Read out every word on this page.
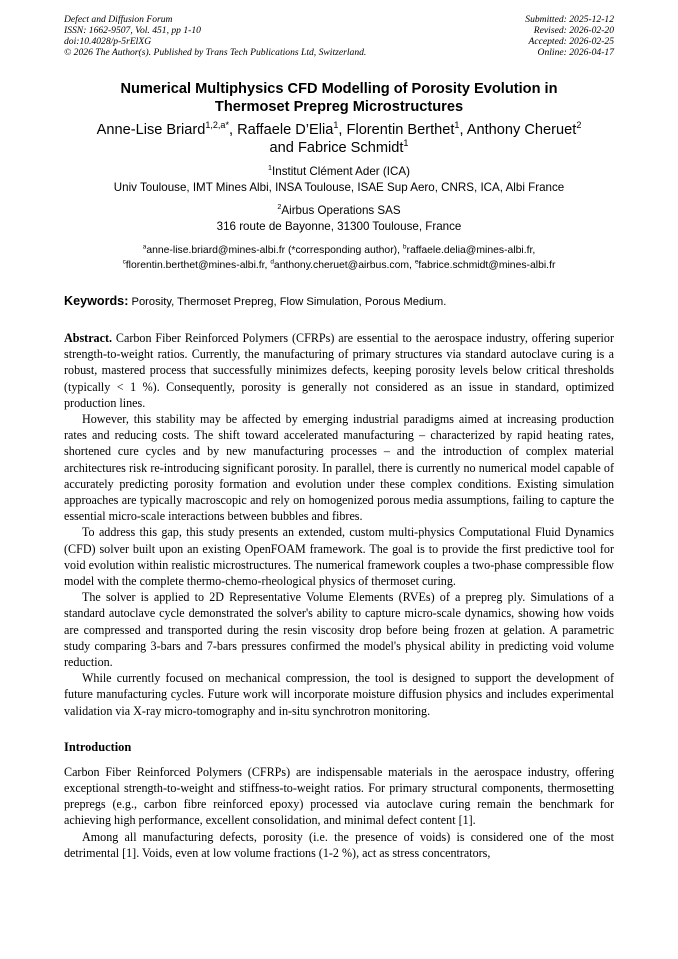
Defect and Diffusion Forum
ISSN: 1662-9507, Vol. 451, pp 1-10
doi:10.4028/p-5rElXG
© 2026 The Author(s). Published by Trans Tech Publications Ltd, Switzerland.
Submitted: 2025-12-12
Revised: 2026-02-20
Accepted: 2026-02-25
Online: 2026-04-17
Numerical Multiphysics CFD Modelling of Porosity Evolution in
Thermoset Prepreg Microstructures
Anne-Lise Briard$^{1,2,a*}$, Raffaele D’Elia$^1$, Florentin Berthet$^1$, Anthony Cheruet$^2$
and Fabrice Schmidt$^1$
$^1$Institut Clément Ader (ICA)
Univ Toulouse, IMT Mines Albi, INSA Toulouse, ISAE Sup Aero, CNRS, ICA, Albi France
$^2$Airbus Operations SAS
316 route de Bayonne, 31300 Toulouse, France
$^a$anne-lise.briard@mines-albi.fr (*corresponding author), $^b$raffaele.delia@mines-albi.fr,
$^c$florentin.berthet@mines-albi.fr, $^d$anthony.cheruet@airbus.com, $^e$fabrice.schmidt@mines-albi.fr
Keywords: Porosity, Thermoset Prepreg, Flow Simulation, Porous Medium.

Abstract. Carbon Fiber Reinforced Polymers (CFRPs) are essential to the aerospace industry, offering superior strength-to-weight ratios. Currently, the manufacturing of primary structures via standard autoclave curing is a robust, mastered process that successfully minimizes defects, keeping porosity levels below critical thresholds (typically < 1 %). Consequently, porosity is generally not considered as an issue in standard, optimized production lines.

However, this stability may be affected by emerging industrial paradigms aimed at increasing production rates and reducing costs. The shift toward accelerated manufacturing – characterized by rapid heating rates, shortened cure cycles and by new manufacturing processes – and the introduction of complex material architectures risk re-introducing significant porosity. In parallel, there is currently no numerical model capable of accurately predicting porosity formation and evolution under these complex conditions. Existing simulation approaches are typically macroscopic and rely on homogenized porous media assumptions, failing to capture the essential micro-scale interactions between bubbles and fibres.

To address this gap, this study presents an extended, custom multi-physics Computational Fluid Dynamics (CFD) solver built upon an existing OpenFOAM framework. The goal is to provide the first predictive tool for void evolution within realistic microstructures. The numerical framework couples a two-phase compressible flow model with the complete thermo-chemo-rheological physics of thermoset curing.

The solver is applied to 2D Representative Volume Elements (RVEs) of a prepreg ply. Simulations of a standard autoclave cycle demonstrated the solver's ability to capture micro-scale dynamics, showing how voids are compressed and transported during the resin viscosity drop before being frozen at gelation. A parametric study comparing 3-bars and 7-bars pressures confirmed the model's physical ability in predicting void volume reduction.

While currently focused on mechanical compression, the tool is designed to support the development of future manufacturing cycles. Future work will incorporate moisture diffusion physics and includes experimental validation via X-ray micro-tomography and in-situ synchrotron monitoring.

Introduction

Carbon Fiber Reinforced Polymers (CFRPs) are indispensable materials in the aerospace industry, offering exceptional strength-to-weight and stiffness-to-weight ratios. For primary structural components, thermosetting prepregs (e.g., carbon fibre reinforced epoxy) processed via autoclave curing remain the benchmark for achieving high performance, excellent consolidation, and minimal defect content [1].

Among all manufacturing defects, porosity (i.e. the presence of voids) is considered one of the most detrimental [1]. Voids, even at low volume fractions (1-2 %), act as stress concentrators,
